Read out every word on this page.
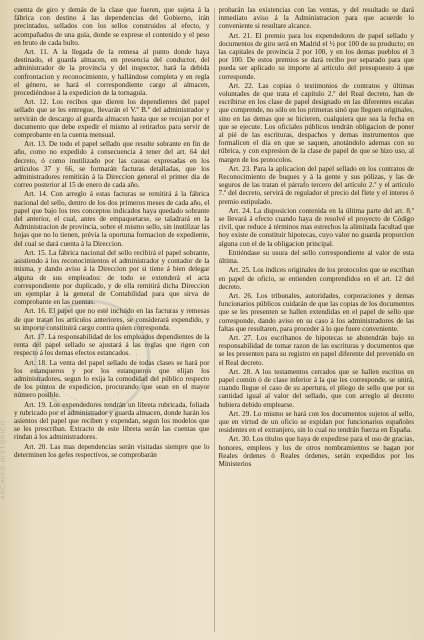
ARCHIVO HISTÓRICO

cuenta de giro y demás de la clase que fueren, que sujeta á la fábrica con destino á las dependencias del Gobierno, irán precintados, sellados con los sellos construidos al efecto, y acompañados de una guía, donde se exprese el contenido y el peso en bruto de cada bulto.

Art. 11. A la llegada de la remesa al punto donde haya destinado, el guarda almacen, en presencia del conductor, del administrador de la provincia y del inspector, hará la debida confrontacion y reconocimiento, y hallándose completa y en regla el género, se hará el correspondiente cargo al almacen, procediéndose á la expedicion de la tornaguía.

Art. 12. Los recibos que dieren los dependientes del papel sellado que se les entregue, llevarán el V.º B.º del administrador y servirán de descargo al guarda almacen hasta que se recojan por el documento que debe expedir el mismo al retirarlos para servir de comprobante en la cuenta mensual.

Art. 13. De todo el papel sellado que resulte sobrante en fin de año, como no expedido á consecuencia á tener del art. 64 del decreto, ó como inutilizado por las causas expresadas en los artículos 37 y 66, se formarán facturas detalladas, que los administradores remitirán á la Direccion general el primer dia de correo posterior al 15 de enero de cada año.

Art. 14. Con arreglo á estas facturas se remitirá á la fábrica nacional del sello, dentro de los dos primeros meses de cada año, el papel que bajo los tres conceptos indicados haya quedado sobrante del anterior, el cual, antes de empaquetarse, se taladrará en la Administracion de provincia, sobre el mismo sello, sin inutilizar las hojas que no lo tienen, prévia la oportuna formacion de expediente, del cual se dará cuenta á la Direccion.

Art. 15. La fábrica nacional del sello recibirá el papel sobrante, asistiendo á los reconocimientos el administrador y contador de la misma, y dando aviso á la Direccion por si tiene á bien delegar alguna de sus empleados: de todo se extenderá el acta correspondiente por duplicado, y de ella remitirá dicha Direccion un ejemplar á la general de Contabilidad para que sirva de comprobante en las cuentas.

Art. 16. El papel que no esté incluido en las facturas y remesas de que tratan los artículos anteriores, se considerará expendido, y su importe constituirá cargo contra quien corresponda.

Art. 17. La responsabilidad de los empleados dependientes de la renta del papel sellado se ajustará á las reglas que rigen con respecto á los demas efectos estancados.

Art. 18. La venta del papel sellado de todas clases se hará por los estanqueros y por los estanqueros que elijan los administradores, segun lo exija la comodidad del público respecto de los puntos de expedicion, procurando que sean en el mayor número posible.

Art. 19. Los expendedores tendrán un libreta rubricada, foliada y rubricado por el administrador y guarda almacen, donde harán los asientos del papel que reciben y expendan, segun los modelos que se les prescriban. Extracto de este libreta serán las cuentas que rindan á los administradores.

Art. 20. Las mas dependencias serán visitadas siempre que lo determinen los gefes respectivos, se comprobarán

probarán las existencias con las ventas, y del resultado se dará inmediato aviso á la Administracion para que acuerde lo conveniente si resultare alcance.

Art. 21. El premio para los expendedores de papel sellado y documentos de giro será en Madrid el ½ por 100 de su producto; en las capitales de provincia 2 por 100, y en los demas pueblos el 3 por 100. De estos premios se dará recibo por separado para que pueda ser aplicado su importe al artículo del presupuesto á que corresponde.

Art. 22. Las copias ó testimonios de contratos y últimas voluntades de que trata el capítulo 2.º del Real decreto, han de escribirse en los clase de papel designado en las diferentes escalas que comprende, no sólo en los primeras sinó que lleguen originales, sino en las demas que se hicieren, cualquiera que sea la fecha en que se ejecute. Los oficiales públicos tendrán obligacion de poner al pié de las escrituras, despachos y demas instrumentos que formalicen el día en que se saquen, anotándolo ademas con su rúbrica, y con expresion de la clase de papel de que se hizo uso, al margen de los protocolos.

Art. 23. Para la aplicacion del papel sellado en los contratos de Reconocimiento de buques y á la gente y sus pólizas, y las de seguros de las tratan el párrafo tercero del artículo 2.º y el artículo 7.º del decreto, servirá de regulador el precio del flete y el interes ó premio estipulado.

Art. 24. La disposicion contenida en la última parte del art. 8.º se llevará á efecto cuando haya de resolvé el proyecto de Código civil, que reduce á términos mas estrechos la alimitada facultad que hoy existe de constituir hipotecas, cuyo valor no guarda proporcion alguna con el de la obligacion principal.

Entiéndase su usura del sello correspondiente al valor de esta última.

Art. 25. Los índices originales de los protocolos que se escriban en papel de oficio, se entienden comprendidos en el art. 12 del decreto.

Art. 26. Los tribunales, autoridades, corporaciones y demas funcionarios públicos cuidarán de que las copias de los documentos que se les presenten se hallen extendidas en el papel de sello que corresponde, dando aviso en su caso á los administradores de las faltas que resultaren, para proceder á lo que fuere conveniente.

Art. 27. Los escribanos de hipotecas se abstendrán bajo su responsabilidad de tomar razon de las escrituras y documentos que se les presenten para su registro en papel diferente del prevenido en el Real decreto.

Art. 28. A los testamentos cerrados que se hallen escritos en papel común ó de clase inferior á la que les corresponde, se unirá, cuando llegue el caso de su apertura, el pliego de sello que por su cantidad igual al valor del sellado, que con arreglo al decreto hubiera debido emplearse.

Art. 29. Lo mismo se hará con los documentos sujetos al sello, que en virtud de un oficio se expidan por funcionarios españoles residentes en el extranjero, sin lo cual no tendrán fuerza en España.

Art. 30. Los títulos que haya de expedirse para el uso de gracias, honores, empleos y los de otros nombramientos se hagan por Reales órdenes ó Reales órdenes, serán expedidos por los Ministerios
